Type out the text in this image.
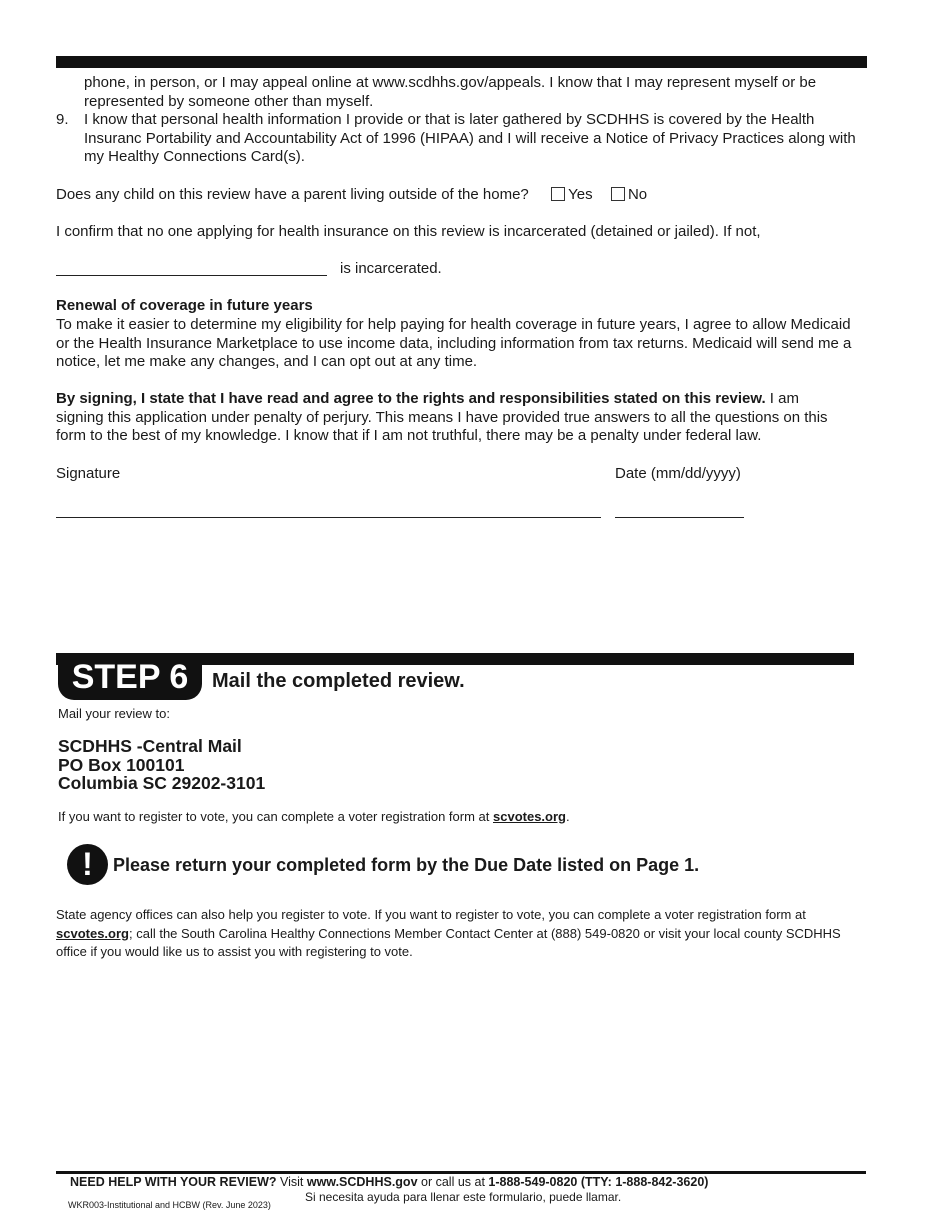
phone, in person, or I may appeal online at www.scdhhs.gov/appeals. I know that I may represent myself or be represented by someone other than myself.
9. I know that personal health information I provide or that is later gathered by SCDHHS is covered by the Health Insuranc Portability and Accountability Act of 1996 (HIPAA) and I will receive a Notice of Privacy Practices along with my Healthy Connections Card(s).
Does any child on this review have a parent living outside of the home?	Yes No
I confirm that no one applying for health insurance on this review is incarcerated (detained or jailed). If not,
is incarcerated.
Renewal of coverage in future years
To make it easier to determine my eligibility for help paying for health coverage in future years, I agree to allow Medicaid or the Health Insurance Marketplace to use income data, including information from tax returns. Medicaid will send me a notice, let me make any changes, and I can opt out at any time.
By signing, I state that I have read and agree to the rights and responsibilities stated on this review. I am signing this application under penalty of perjury. This means I have provided true answers to all the questions on this form to the best of my knowledge. I know that if I am not truthful, there may be a penalty under federal law.
Signature	Date (mm/dd/yyyy)
STEP 6	Mail the completed review.
Mail your review to:
SCDHHS -Central Mail
PO Box 100101
Columbia SC 29202-3101
If you want to register to vote, you can complete a voter registration form at scvotes.org.
!	Please return your completed form by the Due Date listed on Page 1.
State agency offices can also help you register to vote. If you want to register to vote, you can complete a voter registration form at scvotes.org; call the South Carolina Healthy Connections Member Contact Center at (888) 549-0820 or visit your local county SCDHHS office if you would like us to assist you with registering to vote.
NEED HELP WITH YOUR REVIEW? Visit www.SCDHHS.gov or call us at 1-888-549-0820 (TTY: 1-888-842-3620)
Si necesita ayuda para llenar este formulario, puede llamar.
WKR003-Institutional and HCBW (Rev. June 2023)
